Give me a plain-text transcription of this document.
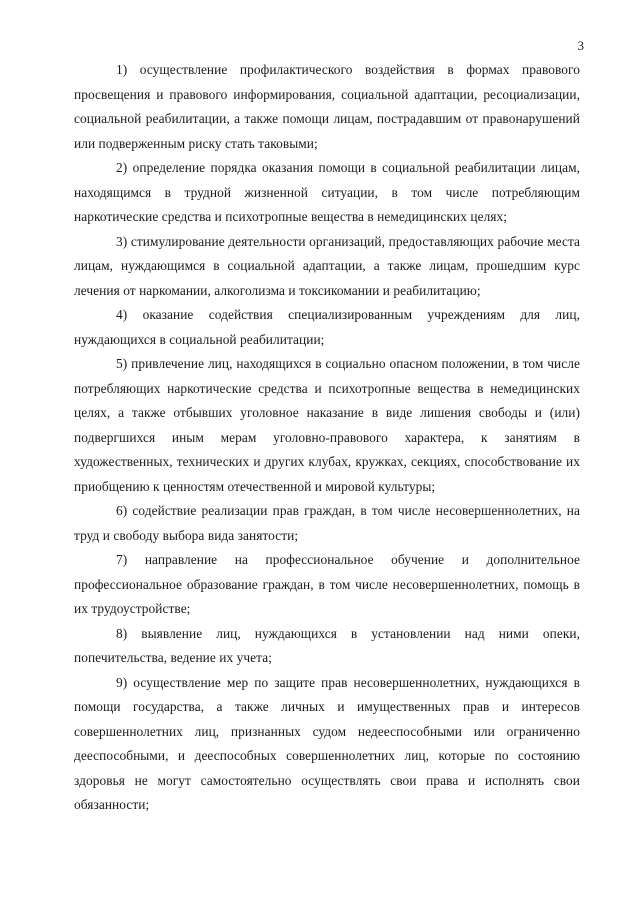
3

1) осуществление профилактического воздействия в формах правового просвещения и правового информирования, социальной адаптации, ресоциализации, социальной реабилитации, а также помощи лицам, пострадавшим от правонарушений или подверженным риску стать таковыми;

2) определение порядка оказания помощи в социальной реабилитации лицам, находящимся в трудной жизненной ситуации, в том числе потребляющим наркотические средства и психотропные вещества в немедицинских целях;

3) стимулирование деятельности организаций, предоставляющих рабочие места лицам, нуждающимся в социальной адаптации, а также лицам, прошедшим курс лечения от наркомании, алкоголизма и токсикомании и реабилитацию;

4) оказание содействия специализированным учреждениям для лиц, нуждающихся в социальной реабилитации;

5) привлечение лиц, находящихся в социально опасном положении, в том числе потребляющих наркотические средства и психотропные вещества в немедицинских целях, а также отбывших уголовное наказание в виде лишения свободы и (или) подвергшихся иным мерам уголовно-правового характера, к занятиям в художественных, технических и других клубах, кружках, секциях, способствование их приобщению к ценностям отечественной и мировой культуры;

6) содействие реализации прав граждан, в том числе несовершеннолетних, на труд и свободу выбора вида занятости;

7) направление на профессиональное обучение и дополнительное профессиональное образование граждан, в том числе несовершеннолетних, помощь в их трудоустройстве;

8) выявление лиц, нуждающихся в установлении над ними опеки, попечительства, ведение их учета;

9) осуществление мер по защите прав несовершеннолетних, нуждающихся в помощи государства, а также личных и имущественных прав и интересов совершеннолетних лиц, признанных судом недееспособными или ограниченно дееспособными, и дееспособных совершеннолетних лиц, которые по состоянию здоровья не могут самостоятельно осуществлять свои права и исполнять свои обязанности;
